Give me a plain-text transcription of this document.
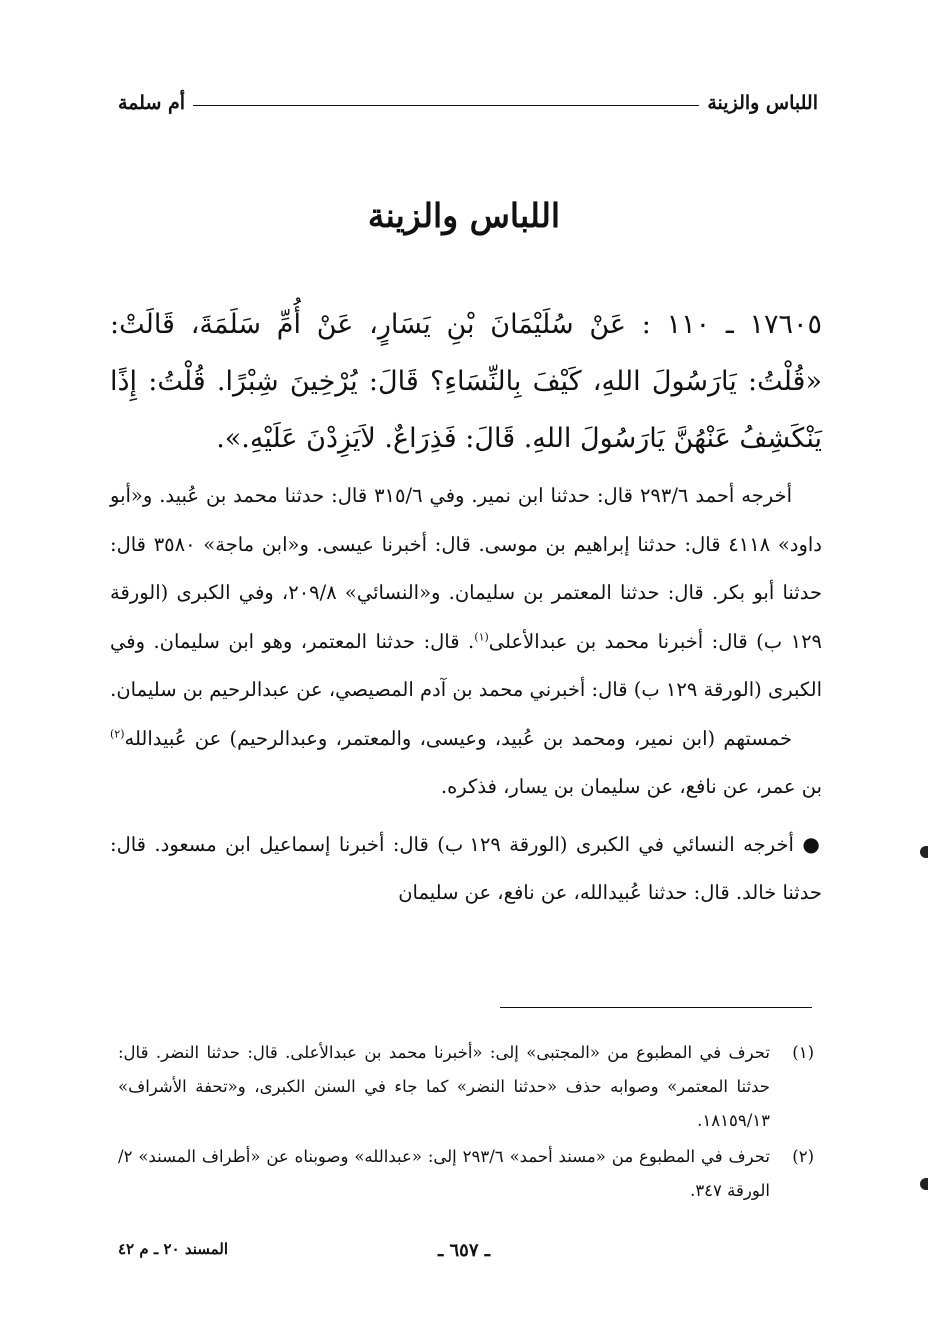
اللباس والزينة
أم سلمة
اللباس والزينة
١٧٦٠٥ ـ ١١٠ : عَنْ سُلَيْمَانَ بْنِ يَسَارٍ، عَنْ أُمِّ سَلَمَةَ، قَالَتْ: «قُلْتُ: يَارَسُولَ اللهِ، كَيْفَ بِالنِّسَاءِ؟ قَالَ: يُرْخِينَ شِبْرًا. قُلْتُ: إِذًا يَنْكَشِفُ عَنْهُنَّ يَارَسُولَ اللهِ. قَالَ: فَذِرَاعٌ. لاَيَزِدْنَ عَلَيْهِ.».

أخرجه أحمد ٢٩٣/٦ قال: حدثنا ابن نمير. وفي ٣١٥/٦ قال: حدثنا محمد بن عُبيد. و«أبو داود» ٤١١٨ قال: حدثنا إبراهيم بن موسى. قال: أخبرنا عيسى. و«ابن ماجة» ٣٥٨٠ قال: حدثنا أبو بكر. قال: حدثنا المعتمر بن سليمان. و«النسائي» ٢٠٩/٨، وفي الكبرى (الورقة ١٢٩ ب) قال: أخبرنا محمد بن عبدالأعلى$^{(١)}$. قال: حدثنا المعتمر، وهو ابن سليمان. وفي الكبرى (الورقة ١٢٩ ب) قال: أخبرني محمد بن آدم المصيصي، عن عبدالرحيم بن سليمان.

خمستهم (ابن نمير، ومحمد بن عُبيد، وعيسى، والمعتمر، وعبدالرحيم) عن عُبيدالله$^{(٢)}$ بن عمر، عن نافع، عن سليمان بن يسار، فذكره.

● أخرجه النسائي في الكبرى (الورقة ١٢٩ ب) قال: أخبرنا إسماعيل ابن مسعود. قال: حدثنا خالد. قال: حدثنا عُبيدالله، عن نافع، عن سليمان

(١)
تحرف في المطبوع من «المجتبى» إلى: «أخبرنا محمد بن عبدالأعلى. قال: حدثنا النضر. قال: حدثنا المعتمر» وصوابه حذف «حدثنا النضر» كما جاء في السنن الكبرى، و«تحفة الأشراف» ١٨١٥٩/١٣.
(٢)
تحرف في المطبوع من «مسند أحمد» ٢٩٣/٦ إلى: «عبدالله» وصوبناه عن «أطراف المسند» ٢/الورقة ٣٤٧.
ـ ٦٥٧ ـ
المسند ٢٠ ـ م ٤٢
